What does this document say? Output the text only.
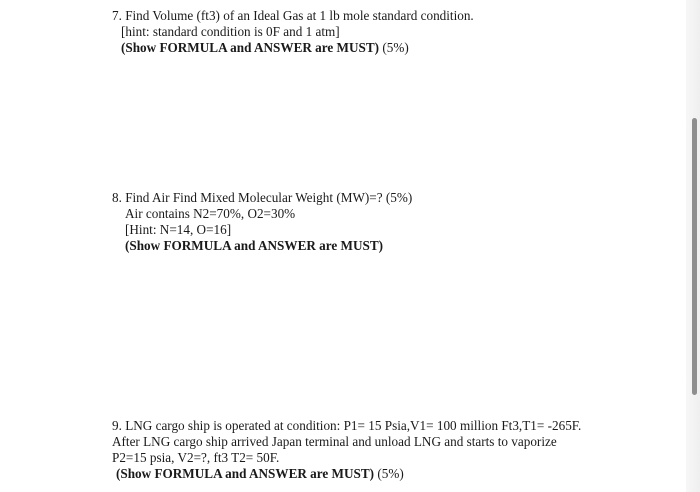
7. Find Volume (ft3) of an Ideal Gas at 1 lb mole standard condition.
[hint: standard condition is 0F and 1 atm]
(Show FORMULA and ANSWER are MUST) (5%)
8. Find Air Find Mixed Molecular Weight (MW)=? (5%)
Air contains N2=70%, O2=30%
[Hint: N=14, O=16]
(Show FORMULA and ANSWER are MUST)
9. LNG cargo ship is operated at condition: P1= 15 Psia,V1= 100 million Ft3,T1= -265F.
After LNG cargo ship arrived Japan terminal and unload LNG and starts to vaporize
P2=15 psia, V2=?, ft3 T2= 50F.
(Show FORMULA and ANSWER are MUST) (5%)
